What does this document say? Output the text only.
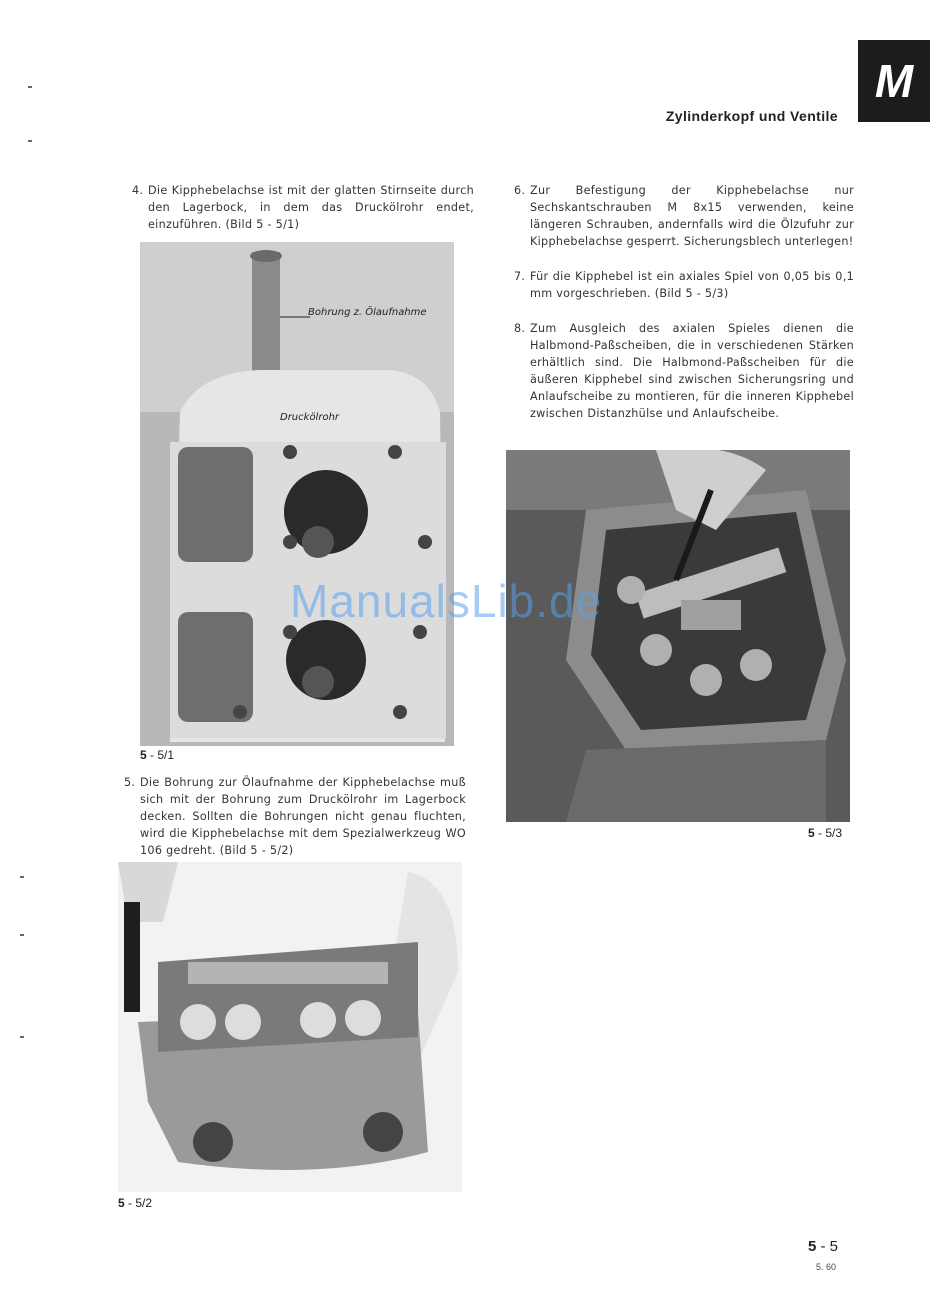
M
Zylinderkopf und Ventile
4. Die Kipphebelachse ist mit der glatten Stirnseite durch den Lagerbock, in dem das Druckölrohr endet, einzuführen. (Bild 5 - 5/1)
Bohrung z. Ölaufnahme
Druckölrohr
5 - 5/1
5. Die Bohrung zur Ölaufnahme der Kipphebelachse muß sich mit der Bohrung zum Druckölrohr im Lagerbock decken. Sollten die Bohrungen nicht genau fluchten, wird die Kipphebelachse mit dem Spezialwerkzeug WO 106 gedreht. (Bild 5 - 5/2)
5 - 5/2
6. Zur Befestigung der Kipphebelachse nur Sechskantschrauben M 8x15 verwenden, keine längeren Schrauben, andernfalls wird die Ölzufuhr zur Kipphebelachse gesperrt. Sicherungsblech unterlegen!
7. Für die Kipphebel ist ein axiales Spiel von 0,05 bis 0,1 mm vorgeschrieben. (Bild 5 - 5/3)
8. Zum Ausgleich des axialen Spieles dienen die Halbmond-Paßscheiben, die in verschiedenen Stärken erhältlich sind. Die Halbmond-Paßscheiben für die äußeren Kipphebel sind zwischen Sicherungsring und Anlaufscheibe zu montieren, für die inneren Kipphebel zwischen Distanzhülse und Anlaufscheibe.
5 - 5/3
ManualsLib.de
5 - 5
5. 60
